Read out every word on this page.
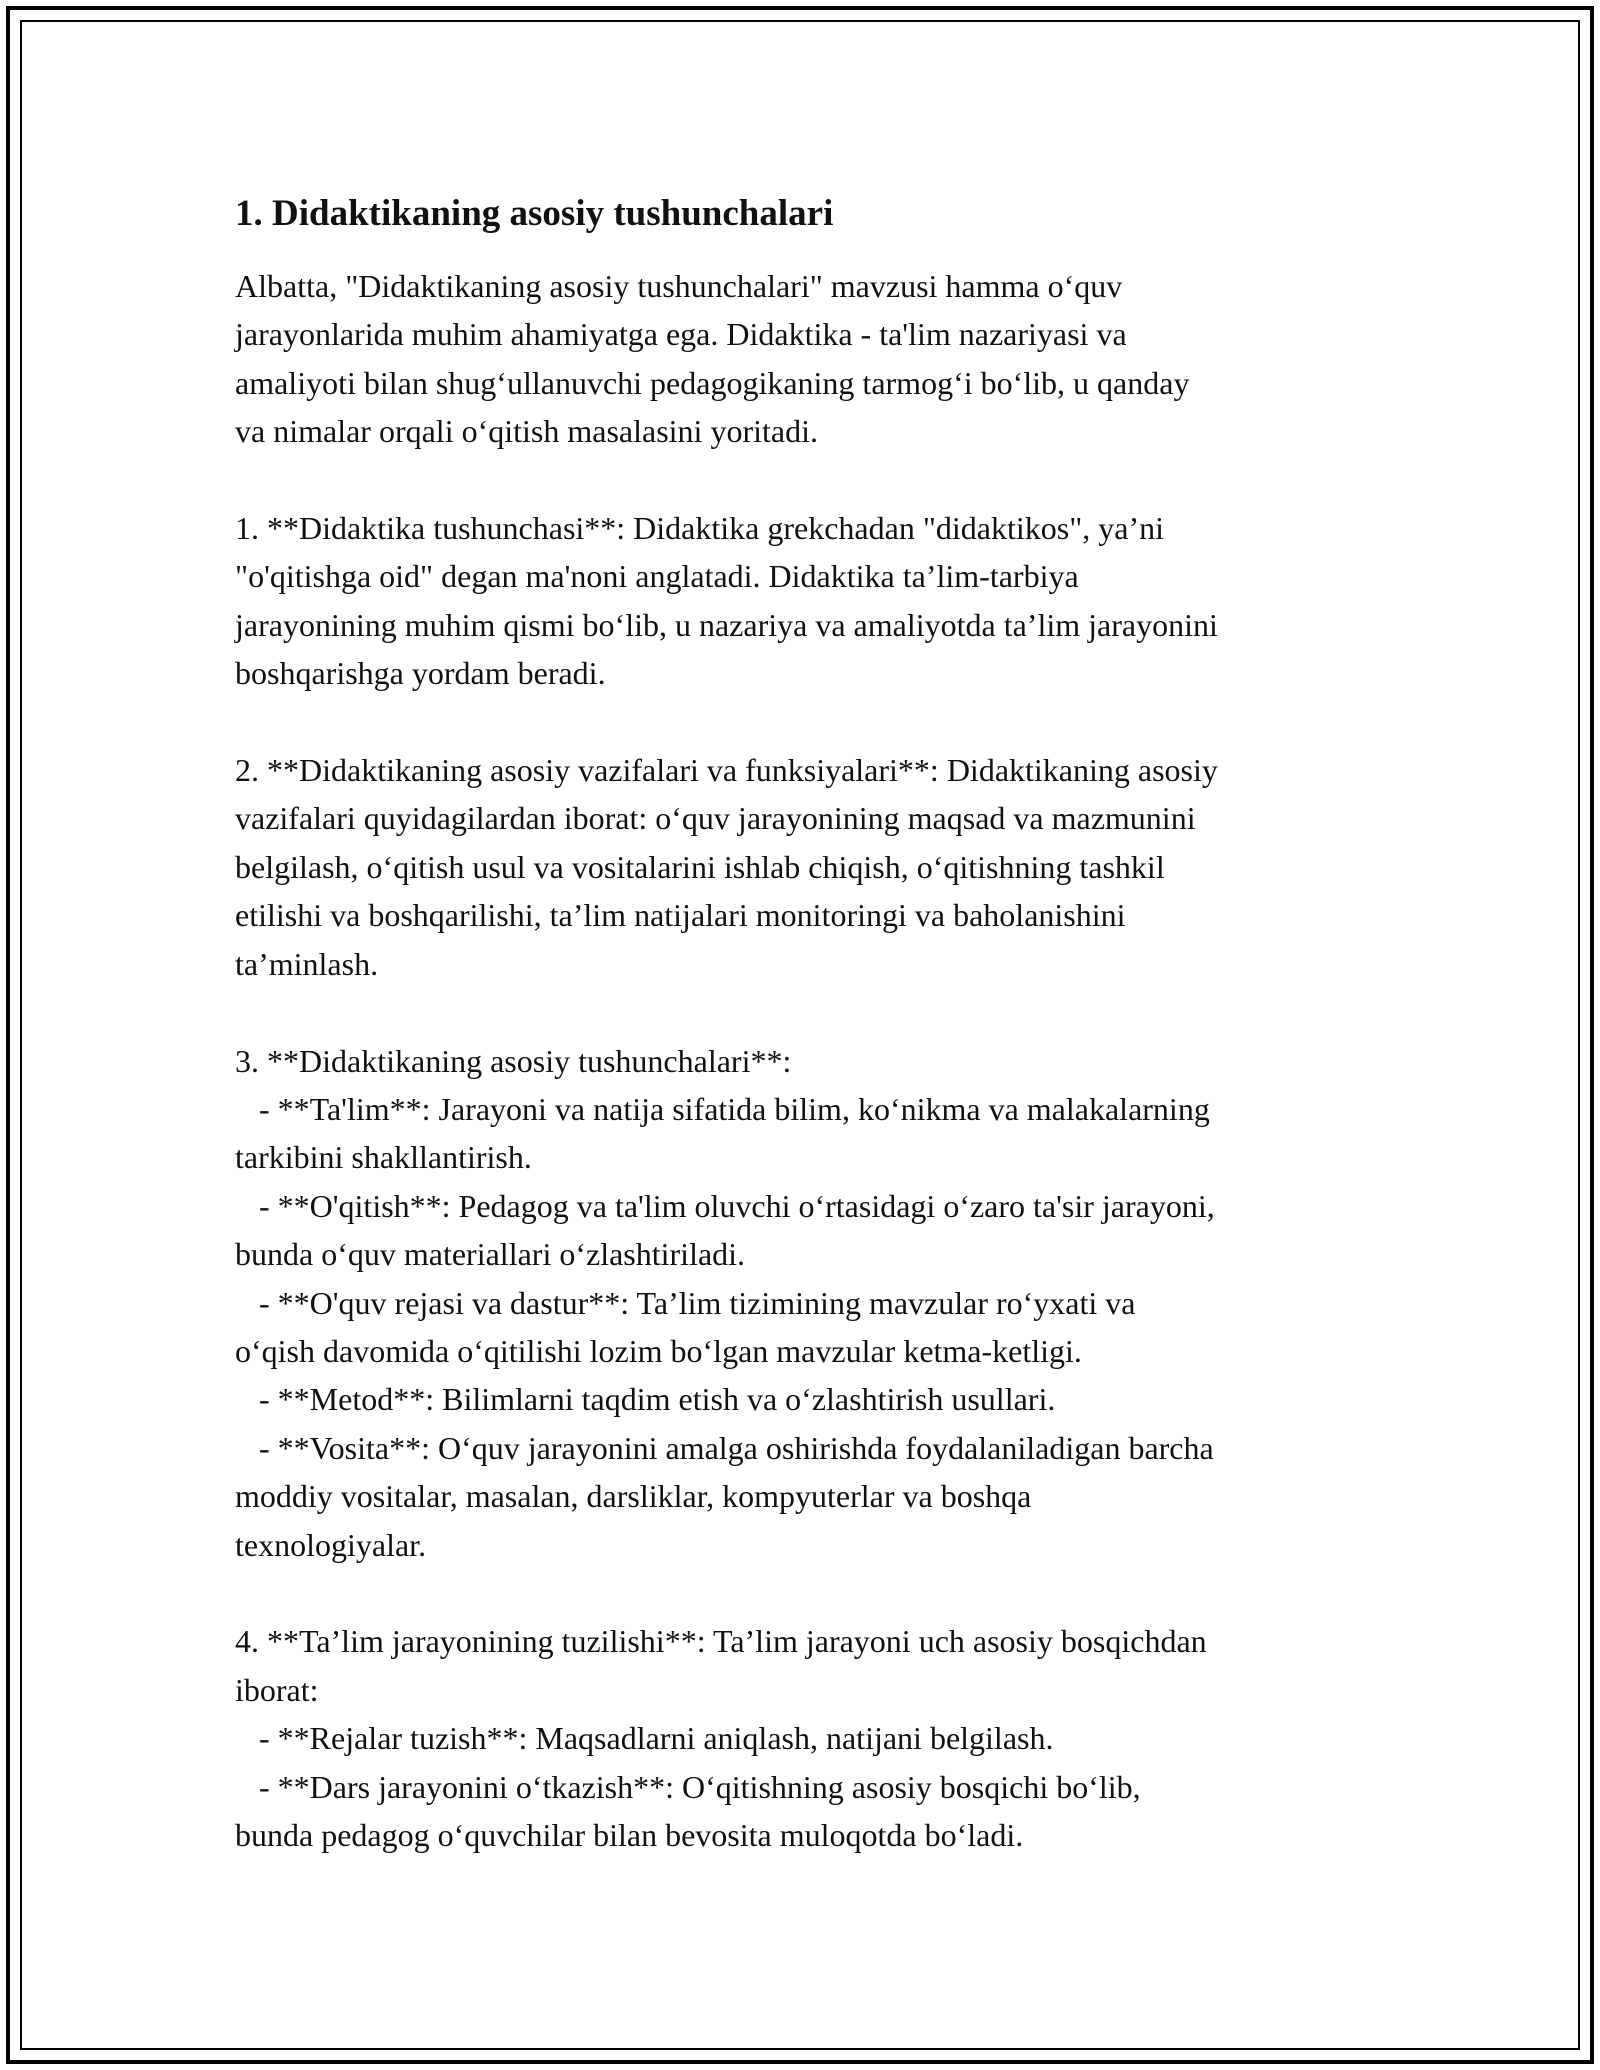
1. Didaktikaning asosiy tushunchalari
Albatta, "Didaktikaning asosiy tushunchalari" mavzusi hamma o‘quv
jarayonlarida muhim ahamiyatga ega. Didaktika - ta'lim nazariyasi va
amaliyoti bilan shug‘ullanuvchi pedagogikaning tarmog‘i bo‘lib, u qanday
va nimalar orqali o‘qitish masalasini yoritadi.

1. **Didaktika tushunchasi**: Didaktika grekchadan "didaktikos", ya’ni
"o'qitishga oid" degan ma'noni anglatadi. Didaktika ta’lim-tarbiya
jarayonining muhim qismi bo‘lib, u nazariya va amaliyotda ta’lim jarayonini
boshqarishga yordam beradi.

2. **Didaktikaning asosiy vazifalari va funksiyalari**: Didaktikaning asosiy
vazifalari quyidagilardan iborat: o‘quv jarayonining maqsad va mazmunini
belgilash, o‘qitish usul va vositalarini ishlab chiqish, o‘qitishning tashkil
etilishi va boshqarilishi, ta’lim natijalari monitoringi va baholanishini
ta’minlash.

3. **Didaktikaning asosiy tushunchalari**:
- **Ta'lim**: Jarayoni va natija sifatida bilim, ko‘nikma va malakalarning
tarkibini shakllantirish.
- **O'qitish**: Pedagog va ta'lim oluvchi o‘rtasidagi o‘zaro ta'sir jarayoni,
bunda o‘quv materiallari o‘zlashtiriladi.
- **O'quv rejasi va dastur**: Ta’lim tizimining mavzular ro‘yxati va
o‘qish davomida o‘qitilishi lozim bo‘lgan mavzular ketma-ketligi.
- **Metod**: Bilimlarni taqdim etish va o‘zlashtirish usullari.
- **Vosita**: O‘quv jarayonini amalga oshirishda foydalaniladigan barcha
moddiy vositalar, masalan, darsliklar, kompyuterlar va boshqa
texnologiyalar.

4. **Ta’lim jarayonining tuzilishi**: Ta’lim jarayoni uch asosiy bosqichdan
iborat:
- **Rejalar tuzish**: Maqsadlarni aniqlash, natijani belgilash.
- **Dars jarayonini o‘tkazish**: O‘qitishning asosiy bosqichi bo‘lib,
bunda pedagog o‘quvchilar bilan bevosita muloqotda bo‘ladi.
